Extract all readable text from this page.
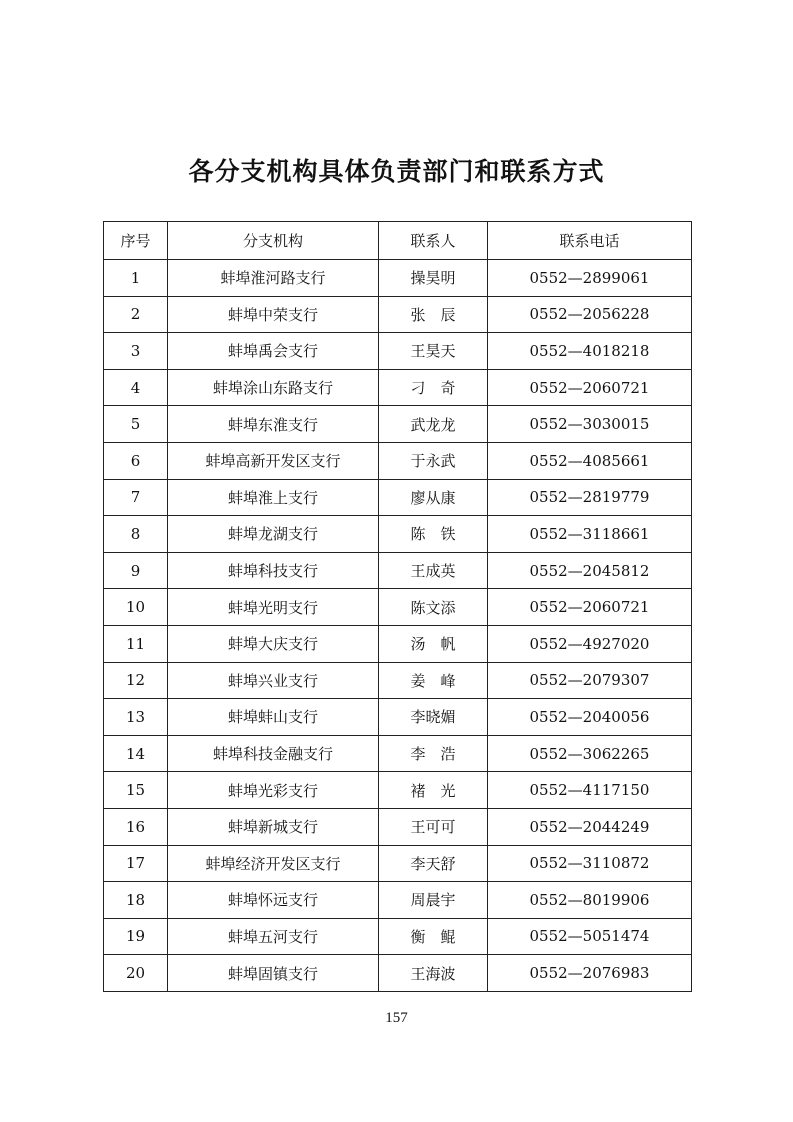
各分支机构具体负责部门和联系方式
序号	分支机构	联系人	联系电话
1	蚌埠淮河路支行	操昊明	0552—2899061
2	蚌埠中荣支行	张　辰	0552—2056228
3	蚌埠禹会支行	王昊天	0552—4018218
4	蚌埠涂山东路支行	刁　奇	0552—2060721
5	蚌埠东淮支行	武龙龙	0552—3030015
6	蚌埠高新开发区支行	于永武	0552—4085661
7	蚌埠淮上支行	廖从康	0552—2819779
8	蚌埠龙湖支行	陈　铁	0552—3118661
9	蚌埠科技支行	王成英	0552—2045812
10	蚌埠光明支行	陈文添	0552—2060721
11	蚌埠大庆支行	汤　帆	0552—4927020
12	蚌埠兴业支行	姜　峰	0552—2079307
13	蚌埠蚌山支行	李晓媚	0552—2040056
14	蚌埠科技金融支行	李　浩	0552—3062265
15	蚌埠光彩支行	褚　光	0552—4117150
16	蚌埠新城支行	王可可	0552—2044249
17	蚌埠经济开发区支行	李天舒	0552—3110872
18	蚌埠怀远支行	周晨宇	0552—8019906
19	蚌埠五河支行	衡　鲲	0552—5051474
20	蚌埠固镇支行	王海波	0552—2076983
157
